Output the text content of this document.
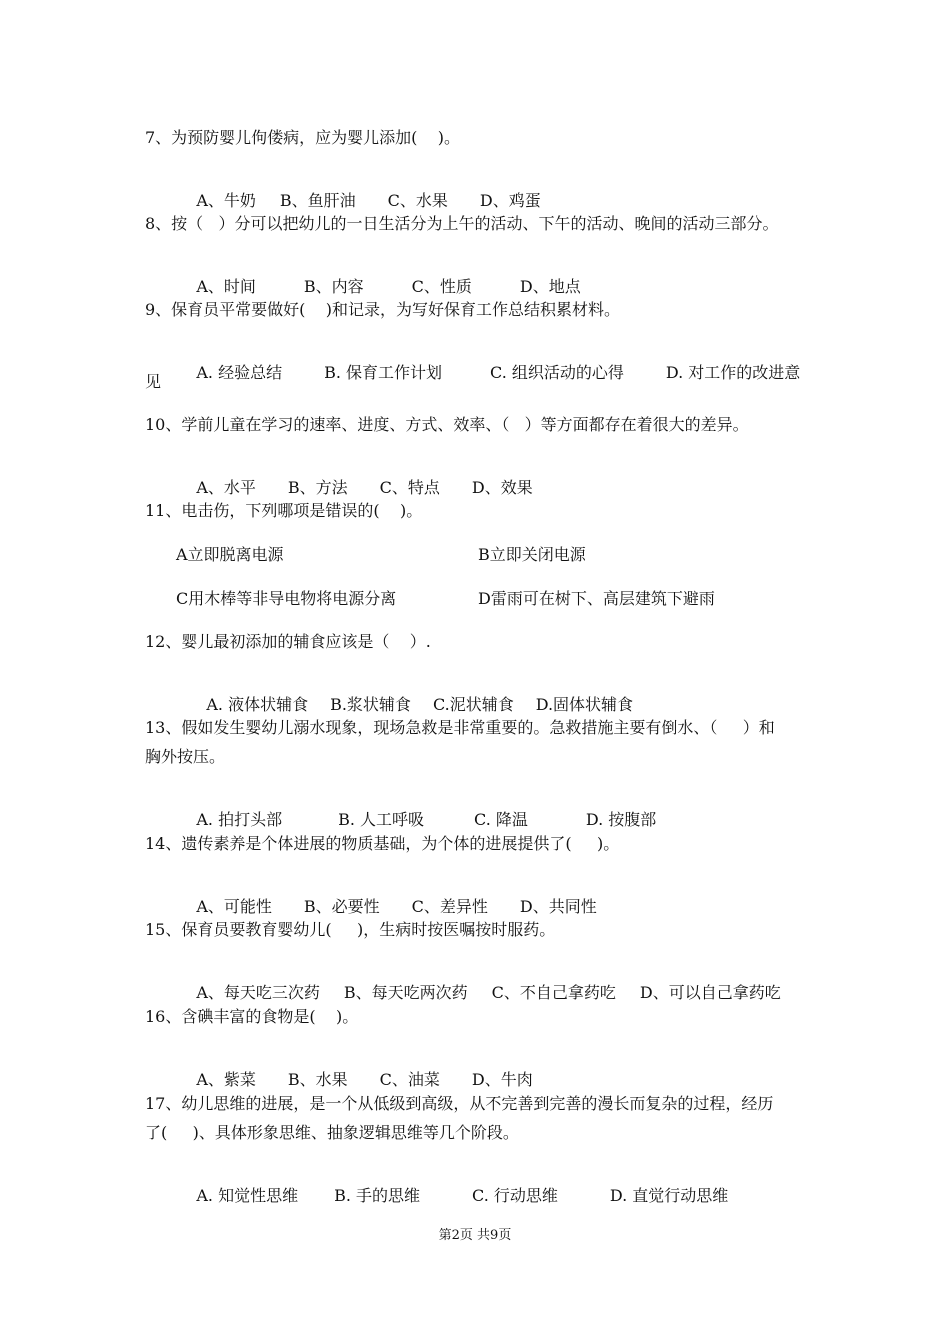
7、为预防婴儿佝偻病，应为婴儿添加(    )。

A、牛奶 B、鱼肝油 C、水果 D、鸡蛋

8、按（   ）分可以把幼儿的一日生活分为上午的活动、下午的活动、晚间的活动三部分。

A、时间	B、内容	C、性质	D、地点

9、保育员平常要做好(    )和记录，为写好保育工作总结积累材料。

A. 经验总结	B. 保育工作计划	C. 组织活动的心得	D. 对工作的改进意

见
10、学前儿童在学习的速率、进度、方式、效率、（   ）等方面都存在着很大的差异。

A、水平 B、方法 C、特点 D、效果

11、电击伤，下列哪项是错误的(    )。
A立即脱离电源	B立即关闭电源
C用木棒等非导电物将电源分离	D雷雨可在树下、高层建筑下避雨
12、婴儿最初添加的辅食应该是（    ）.

A. 液体状辅食 B.浆状辅食 C.泥状辅食 D.固体状辅食

13、假如发生婴幼儿溺水现象，现场急救是非常重要的。急救措施主要有倒水、（     ）和
胸外按压。

A. 拍打头部	B. 人工呼吸	C. 降温	D. 按腹部

14、遗传素养是个体进展的物质基础，为个体的进展提供了(     )。

A、可能性 B、必要性 C、差异性 D、共同性

15、保育员要教育婴幼儿(     )，生病时按医嘱按时服药。

A、每天吃三次药 B、每天吃两次药 C、不自己拿药吃 D、可以自己拿药吃

16、含碘丰富的食物是(    )。

A、紫菜 B、水果 C、油菜 D、牛肉

17、幼儿思维的进展，是一个从低级到高级，从不完善到完善的漫长而复杂的过程，经历
了(     )、具体形象思维、抽象逻辑思维等几个阶段。

A. 知觉性思维 B. 手的思维	C. 行动思维	D. 直觉行动思维

第2页 共9页
